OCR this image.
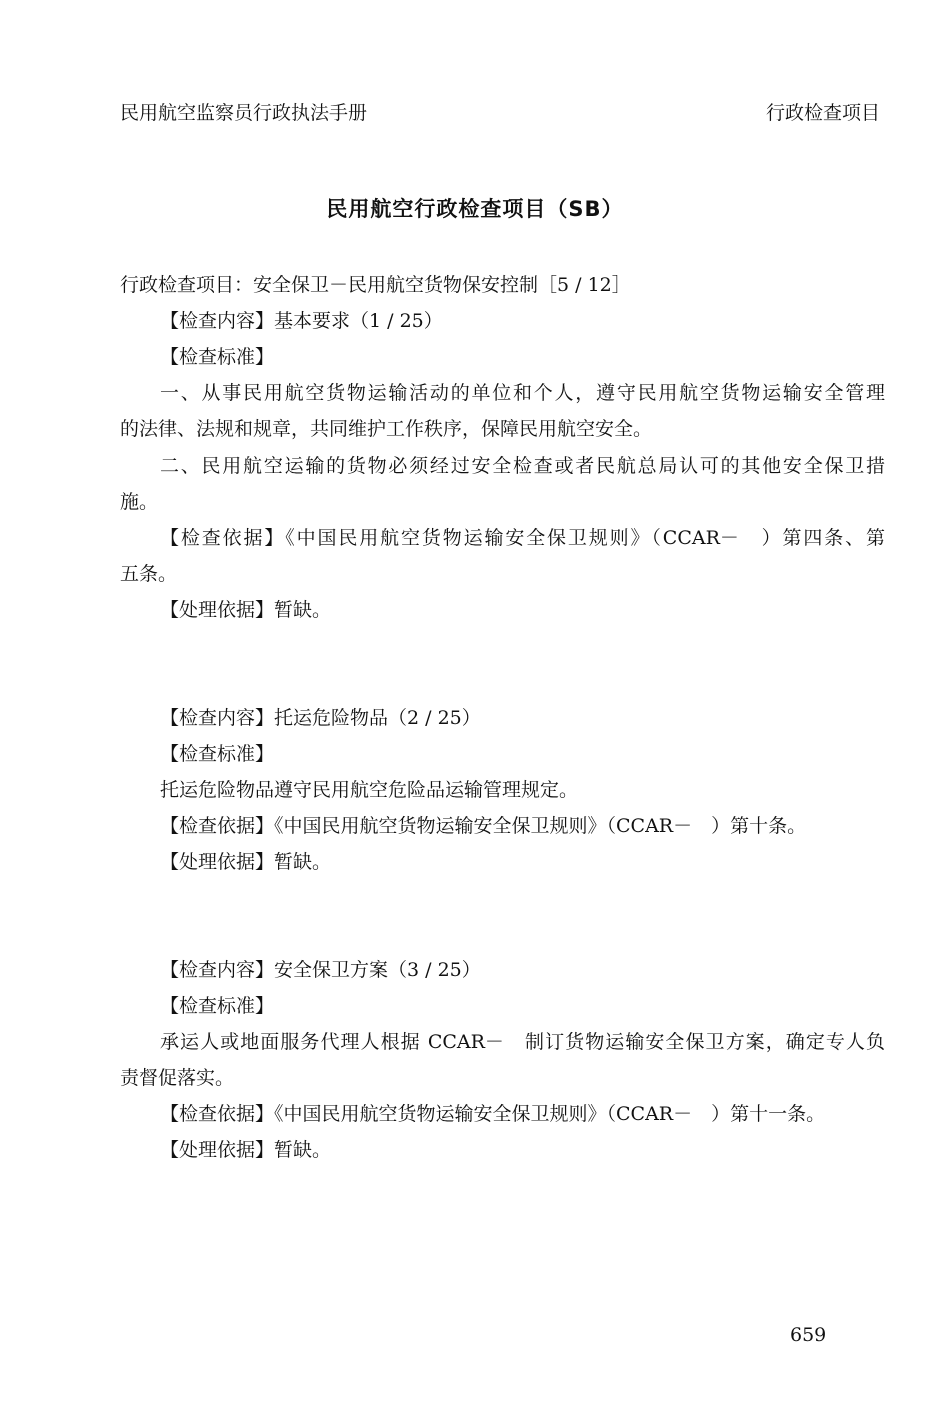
民用航空监察员行政执法手册	行政检查项目
民用航空行政检查项目（SB）
行政检查项目：安全保卫－民用航空货物保安控制［5 / 12］
【检查内容】基本要求（1 / 25）
【检查标准】
一、从事民用航空货物运输活动的单位和个人，遵守民用航空货物运输安全管理
的法律、法规和规章，共同维护工作秩序，保障民用航空安全。
二、民用航空运输的货物必须经过安全检查或者民航总局认可的其他安全保卫措
施。
【检查依据】《中国民用航空货物运输安全保卫规则》（CCAR－　）第四条、第
五条。
【处理依据】暂缺。
【检查内容】托运危险物品（2 / 25）
【检查标准】
托运危险物品遵守民用航空危险品运输管理规定。
【检查依据】《中国民用航空货物运输安全保卫规则》（CCAR－　）第十条。
【处理依据】暂缺。
【检查内容】安全保卫方案（3 / 25）
【检查标准】
承运人或地面服务代理人根据 CCAR－　制订货物运输安全保卫方案，确定专人负
责督促落实。
【检查依据】《中国民用航空货物运输安全保卫规则》（CCAR－　）第十一条。
【处理依据】暂缺。
659
